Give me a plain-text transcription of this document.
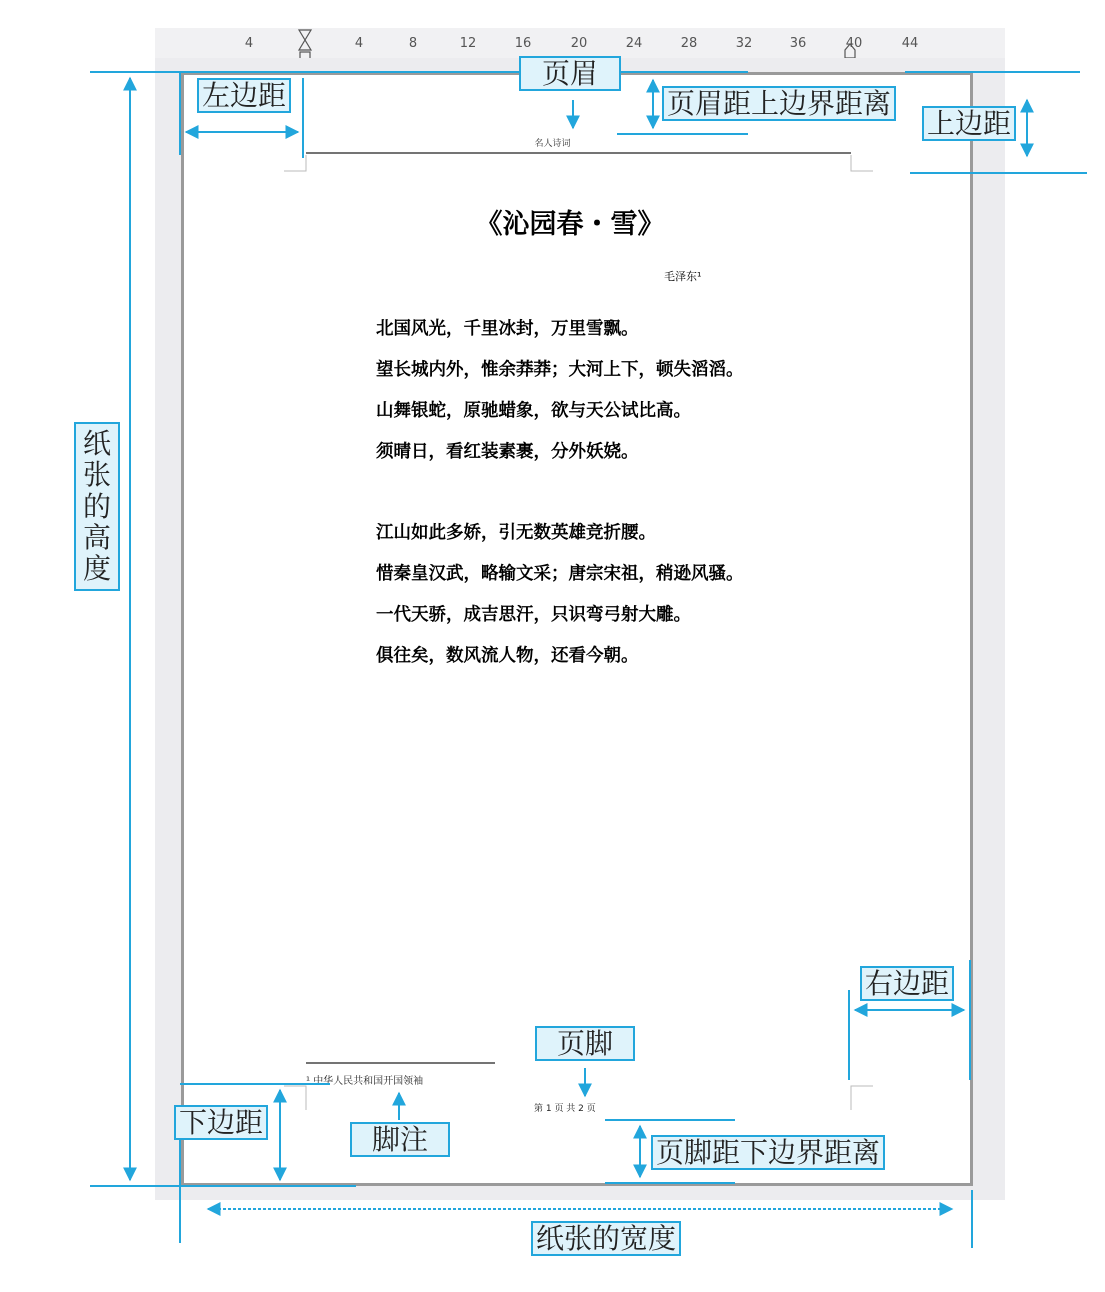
4	4	8	12	16	20	24	28	32	36	40	44
名人诗词
《沁园春・雪》
毛泽东¹
北国风光，千里冰封，万里雪飘。
望长城内外，惟余莽莽；大河上下，顿失滔滔。
山舞银蛇，原驰蜡象，欲与天公试比高。
须晴日，看红装素裹，分外妖娆。
江山如此多娇，引无数英雄竞折腰。
惜秦皇汉武，略输文采；唐宗宋祖，稍逊风骚。
一代天骄，成吉思汗，只识弯弓射大雕。
俱往矣，数风流人物，还看今朝。
¹ 中华人民共和国开国领袖
第 1 页 共 2 页
左边距
页眉
页眉距上边界距离
上边距
纸张的高度
右边距
页脚
下边距
脚注	页脚距下边界距离
纸张的宽度
